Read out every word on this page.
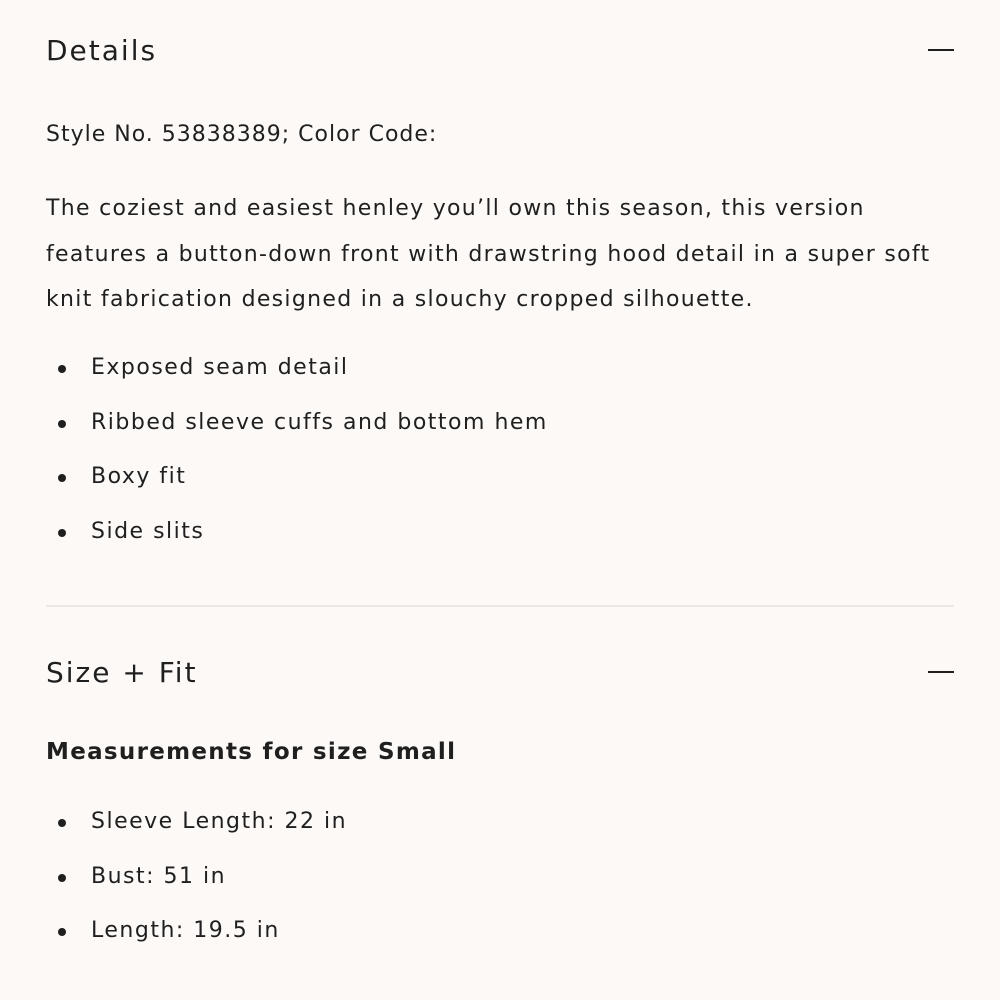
Details
Style No. 53838389; Color Code:

The coziest and easiest henley you’ll own this season, this version features a button-down front with drawstring hood detail in a super soft knit fabrication designed in a slouchy cropped silhouette.

Exposed seam detail
Ribbed sleeve cuffs and bottom hem
Boxy fit
Side slits
Size + Fit
Measurements for size Small
Sleeve Length: 22 in
Bust: 51 in
Length: 19.5 in
